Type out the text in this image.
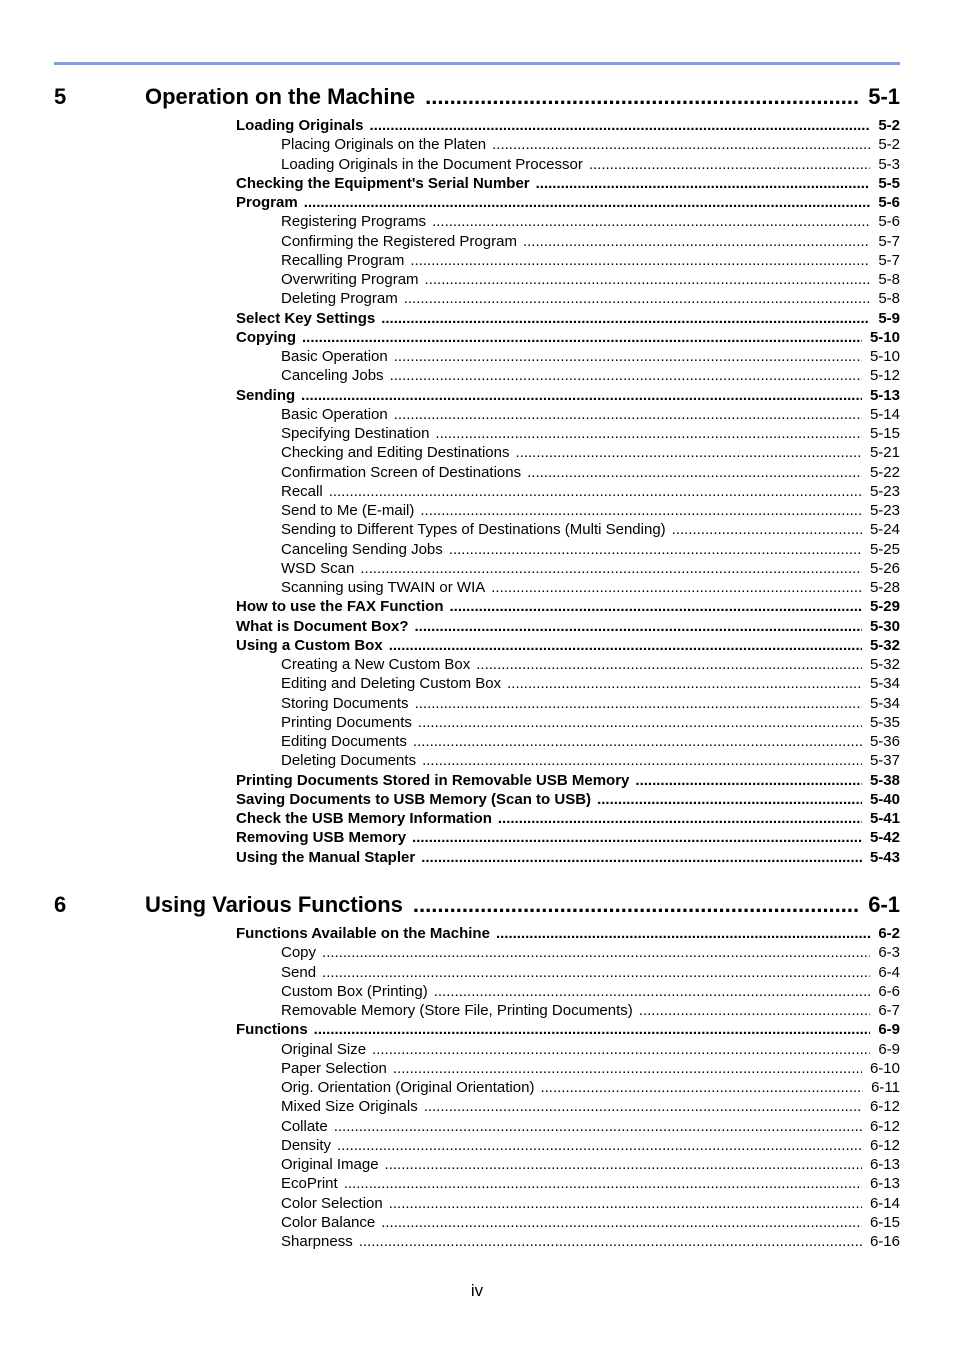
5	Operation on the Machine .....	5-1
Loading Originals .....	5-2
Placing Originals on the Platen .....	5-2
Loading Originals in the Document Processor .....	5-3
Checking the Equipment's Serial Number .....	5-5
Program .....	5-6
Registering Programs .....	5-6
Confirming the Registered Program .....	5-7
Recalling Program .....	5-7
Overwriting Program .....	5-8
Deleting Program .....	5-8
Select Key Settings .....	5-9
Copying .....	5-10
Basic Operation .....	5-10
Canceling Jobs .....	5-12
Sending .....	5-13
Basic Operation .....	5-14
Specifying Destination .....	5-15
Checking and Editing Destinations .....	5-21
Confirmation Screen of Destinations .....	5-22
Recall .....	5-23
Send to Me (E-mail) .....	5-23
Sending to Different Types of Destinations (Multi Sending) .....	5-24
Canceling Sending Jobs .....	5-25
WSD Scan .....	5-26
Scanning using TWAIN or WIA .....	5-28
How to use the FAX Function .....	5-29
What is Document Box? .....	5-30
Using a Custom Box .....	5-32
Creating a New Custom Box .....	5-32
Editing and Deleting Custom Box .....	5-34
Storing Documents .....	5-34
Printing Documents .....	5-35
Editing Documents .....	5-36
Deleting Documents .....	5-37
Printing Documents Stored in Removable USB Memory .....	5-38
Saving Documents to USB Memory (Scan to USB) .....	5-40
Check the USB Memory Information .....	5-41
Removing USB Memory .....	5-42
Using the Manual Stapler .....	5-43
6	Using Various Functions .....	6-1
Functions Available on the Machine .....	6-2
Copy .....	6-3
Send .....	6-4
Custom Box (Printing) .....	6-6
Removable Memory (Store File, Printing Documents) .....	6-7
Functions .....	6-9
Original Size .....	6-9
Paper Selection .....	6-10
Orig. Orientation (Original Orientation) .....	6-11
Mixed Size Originals .....	6-12
Collate .....	6-12
Density .....	6-12
Original Image .....	6-13
EcoPrint .....	6-13
Color Selection .....	6-14
Color Balance .....	6-15
Sharpness .....	6-16
iv
